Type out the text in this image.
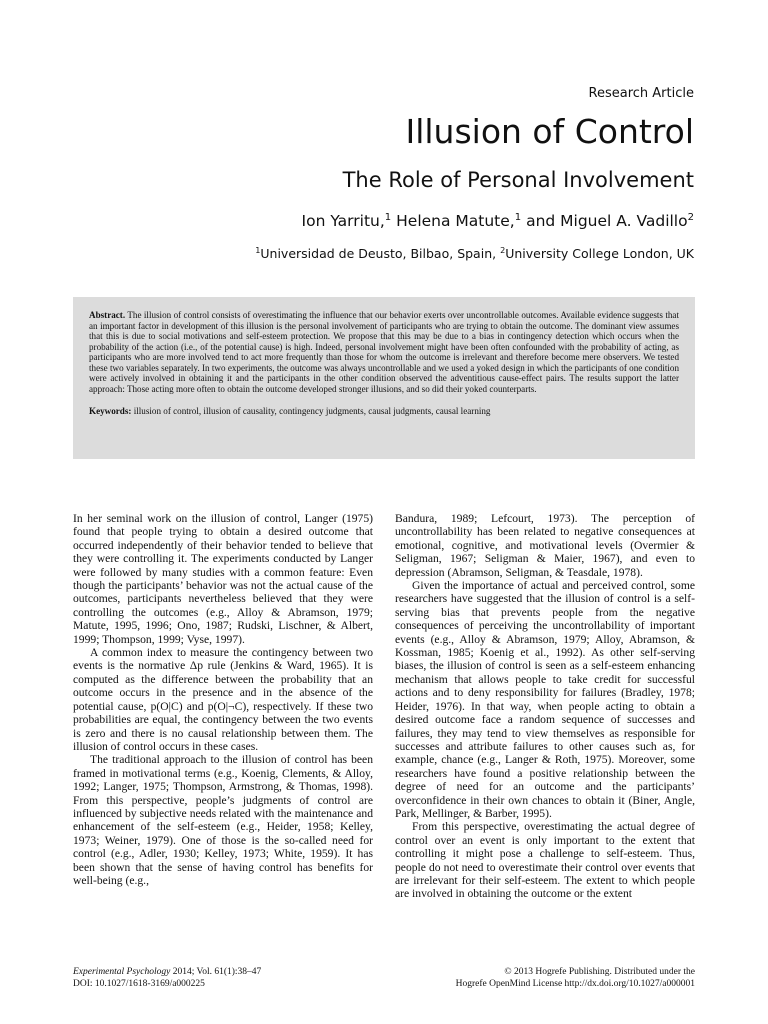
Research Article
Illusion of Control
The Role of Personal Involvement
Ion Yarritu,$^1$ Helena Matute,$^1$ and Miguel A. Vadillo$^2$
$^1$Universidad de Deusto, Bilbao, Spain, $^2$University College London, UK

Abstract. The illusion of control consists of overestimating the influence that our behavior exerts over uncontrollable outcomes. Available evidence suggests that an important factor in development of this illusion is the personal involvement of participants who are trying to obtain the outcome. The dominant view assumes that this is due to social motivations and self-esteem protection. We propose that this may be due to a bias in contingency detection which occurs when the probability of the action (i.e., of the potential cause) is high. Indeed, personal involvement might have been often confounded with the probability of acting, as participants who are more involved tend to act more frequently than those for whom the outcome is irrelevant and therefore become mere observers. We tested these two variables separately. In two experiments, the outcome was always uncontrollable and we used a yoked design in which the participants of one condition were actively involved in obtaining it and the participants in the other condition observed the adventitious cause-effect pairs. The results support the latter approach: Those acting more often to obtain the outcome developed stronger illusions, and so did their yoked counterparts.

Keywords: illusion of control, illusion of causality, contingency judgments, causal judgments, causal learning

In her seminal work on the illusion of control, Langer (1975) found that people trying to obtain a desired outcome that occurred independently of their behavior tended to believe that they were controlling it. The experiments conducted by Langer were followed by many studies with a common feature: Even though the participants’ behavior was not the actual cause of the outcomes, participants nevertheless believed that they were controlling the outcomes (e.g., Alloy & Abramson, 1979; Matute, 1995, 1996; Ono, 1987; Rudski, Lischner, & Albert, 1999; Thompson, 1999; Vyse, 1997).

A common index to measure the contingency between two events is the normative Δp rule (Jenkins & Ward, 1965). It is computed as the difference between the probability that an outcome occurs in the presence and in the absence of the potential cause, p(O|C) and p(O|¬C), respectively. If these two probabilities are equal, the contingency between the two events is zero and there is no causal relationship between them. The illusion of control occurs in these cases.

The traditional approach to the illusion of control has been framed in motivational terms (e.g., Koenig, Clements, & Alloy, 1992; Langer, 1975; Thompson, Armstrong, & Thomas, 1998). From this perspective, people’s judgments of control are influenced by subjective needs related with the maintenance and enhancement of the self-esteem (e.g., Heider, 1958; Kelley, 1973; Weiner, 1979). One of those is the so-called need for control (e.g., Adler, 1930; Kelley, 1973; White, 1959). It has been shown that the sense of having control has benefits for well-being (e.g.,

Bandura, 1989; Lefcourt, 1973). The perception of uncontrollability has been related to negative consequences at emotional, cognitive, and motivational levels (Overmier & Seligman, 1967; Seligman & Maier, 1967), and even to depression (Abramson, Seligman, & Teasdale, 1978).

Given the importance of actual and perceived control, some researchers have suggested that the illusion of control is a self-serving bias that prevents people from the negative consequences of perceiving the uncontrollability of important events (e.g., Alloy & Abramson, 1979; Alloy, Abramson, & Kossman, 1985; Koenig et al., 1992). As other self-serving biases, the illusion of control is seen as a self-esteem enhancing mechanism that allows people to take credit for successful actions and to deny responsibility for failures (Bradley, 1978; Heider, 1976). In that way, when people acting to obtain a desired outcome face a random sequence of successes and failures, they may tend to view themselves as responsible for successes and attribute failures to other causes such as, for example, chance (e.g., Langer & Roth, 1975). Moreover, some researchers have found a positive relationship between the degree of need for an outcome and the participants’ overconfidence in their own chances to obtain it (Biner, Angle, Park, Mellinger, & Barber, 1995).

From this perspective, overestimating the actual degree of control over an event is only important to the extent that controlling it might pose a challenge to self-esteem. Thus, people do not need to overestimate their control over events that are irrelevant for their self-esteem. The extent to which people are involved in obtaining the outcome or the extent

Experimental Psychology 2014; Vol. 61(1):38–47
DOI: 10.1027/1618-3169/a000225
© 2013 Hogrefe Publishing. Distributed under the
Hogrefe OpenMind License http://dx.doi.org/10.1027/a000001
